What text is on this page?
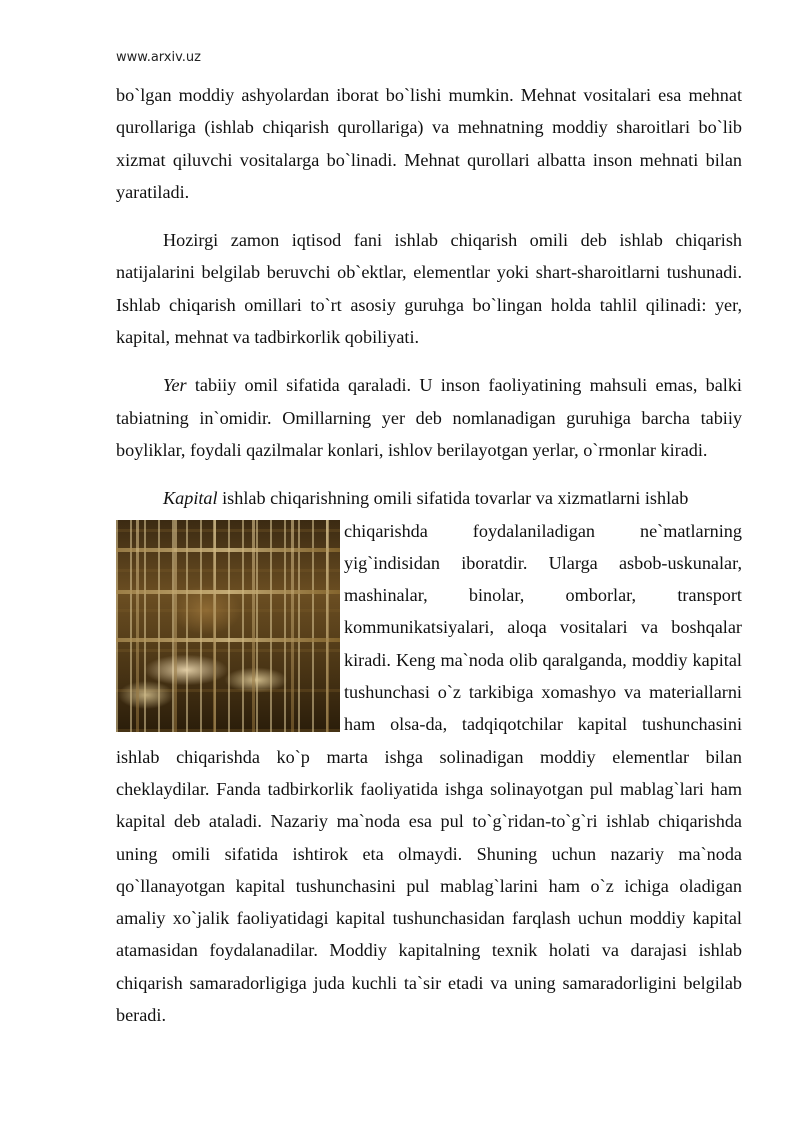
www.arxiv.uz

bo`lgan moddiy ashyolardan iborat bo`lishi mumkin. Mehnat vositalari esa mehnat qurollariga (ishlab chiqarish qurollariga) va mehnatning moddiy sharoitlari bo`lib xizmat qiluvchi vositalarga bo`linadi. Mehnat qurollari albatta inson mehnati bilan yaratiladi.

Hozirgi zamon iqtisod fani ishlab chiqarish omili deb ishlab chiqarish natijalarini belgilab beruvchi ob`ektlar, elementlar yoki shart-sharoitlarni tushunadi. Ishlab chiqarish omillari to`rt asosiy guruhga bo`lingan holda tahlil qilinadi: yer, kapital, mehnat va tadbirkorlik qobiliyati.

Yer tabiiy omil sifatida qaraladi. U inson faoliyatining mahsuli emas, balki tabiatning in`omidir. Omillarning yer deb nomlanadigan guruhiga barcha tabiiy boyliklar, foydali qazilmalar konlari, ishlov berilayotgan yerlar, o`rmonlar kiradi.

Kapital ishlab chiqarishning omili sifatida tovarlar va xizmatlarni ishlab

chiqarishda foydalaniladigan ne`matlarning yig`indisidan iboratdir. Ularga asbob-uskunalar, mashinalar, binolar, omborlar, transport kommunikatsiyalari, aloqa vositalari va boshqalar kiradi. Keng ma`noda olib qaralganda, moddiy kapital tushunchasi o`z tarkibiga xomashyo va materiallarni ham olsa-da, tadqiqotchilar kapital tushunchasini ishlab chiqarishda ko`p marta ishga solinadigan moddiy elementlar bilan cheklaydilar. Fanda tadbirkorlik faoliyatida ishga solinayotgan pul mablag`lari ham kapital deb ataladi. Nazariy ma`noda esa pul to`g`ridan-to`g`ri ishlab chiqarishda uning omili sifatida ishtirok eta olmaydi. Shuning uchun nazariy ma`noda qo`llanayotgan kapital tushunchasini pul mablag`larini ham o`z ichiga oladigan amaliy xo`jalik faoliyatidagi kapital tushunchasidan farqlash uchun moddiy kapital atamasidan foydalanadilar. Moddiy kapitalning texnik holati va darajasi ishlab chiqarish samaradorligiga juda kuchli ta`sir etadi va uning samaradorligini belgilab beradi.
